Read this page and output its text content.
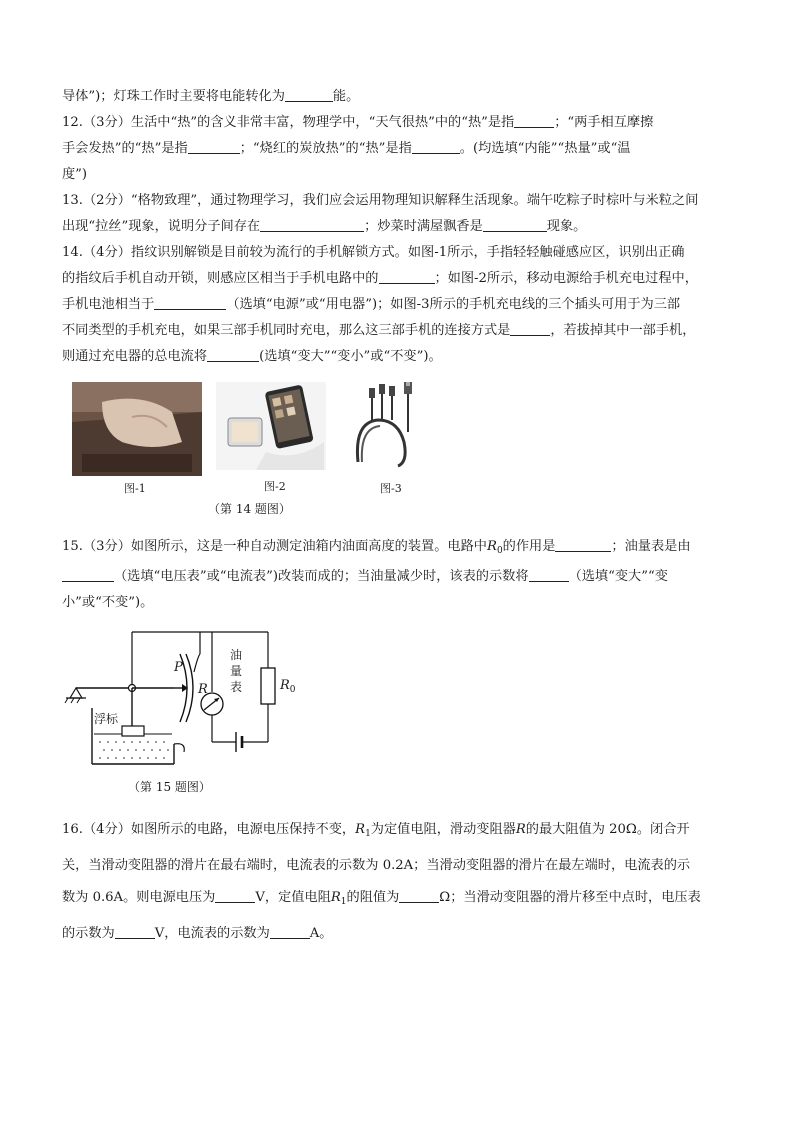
导体”)；灯珠工作时主要将电能转化为	能。

12.（3分）生活中“热”的含义非常丰富，物理学中，“天气很热”中的“热”是指	；“两手相互摩擦

手会发热”的“热”是指	；“烧红的炭放热”的“热”是指	。(均选填“内能”“热量”或“温

度”)

13.（2分）“格物致理”，通过物理学习，我们应会运用物理知识解释生活现象。端午吃粽子时棕叶与米粒之间

出现“拉丝”现象，说明分子间存在	；炒菜时满屋飘香是	现象。

14.（4分）指纹识别解锁是目前较为流行的手机解锁方式。如图-1所示，手指轻轻触碰感应区，识别出正确

的指纹后手机自动开锁，则感应区相当于手机电路中的	；如图-2所示，移动电源给手机充电过程中，

手机电池相当于	（选填“电源”或“用电器”)；如图-3所示的手机充电线的三个插头可用于为三部

不同类型的手机充电，如果三部手机同时充电，那么这三部手机的连接方式是	，若拔掉其中一部手机，

则通过充电器的总电流将	(选填“变大”“变小”或“不变”)。

图-1	图-2	图-3
（第 14 题图）

15.（3分）如图所示，这是一种自动测定油箱内油面高度的装置。电路中$R_0$的作用是	；油量表是由

（选填“电压表”或“电流表”)改装而成的；当油量减少时，该表的示数将	（选填“变大”“变

小”或“不变”)。

P
R
油
量
表	$R_0$
浮标
（第 15 题图）

16.（4分）如图所示的电路，电源电压保持不变，$R_1$为定值电阻，滑动变阻器R的最大阻值为 20Ω。闭合开

关，当滑动变阻器的滑片在最右端时，电流表的示数为 0.2A；当滑动变阻器的滑片在最左端时，电流表的示

数为 0.6A。则电源电压为	V，定值电阻$R_1$的阻值为	Ω；当滑动变阻器的滑片移至中点时，电压表

的示数为	V，电流表的示数为	A。
